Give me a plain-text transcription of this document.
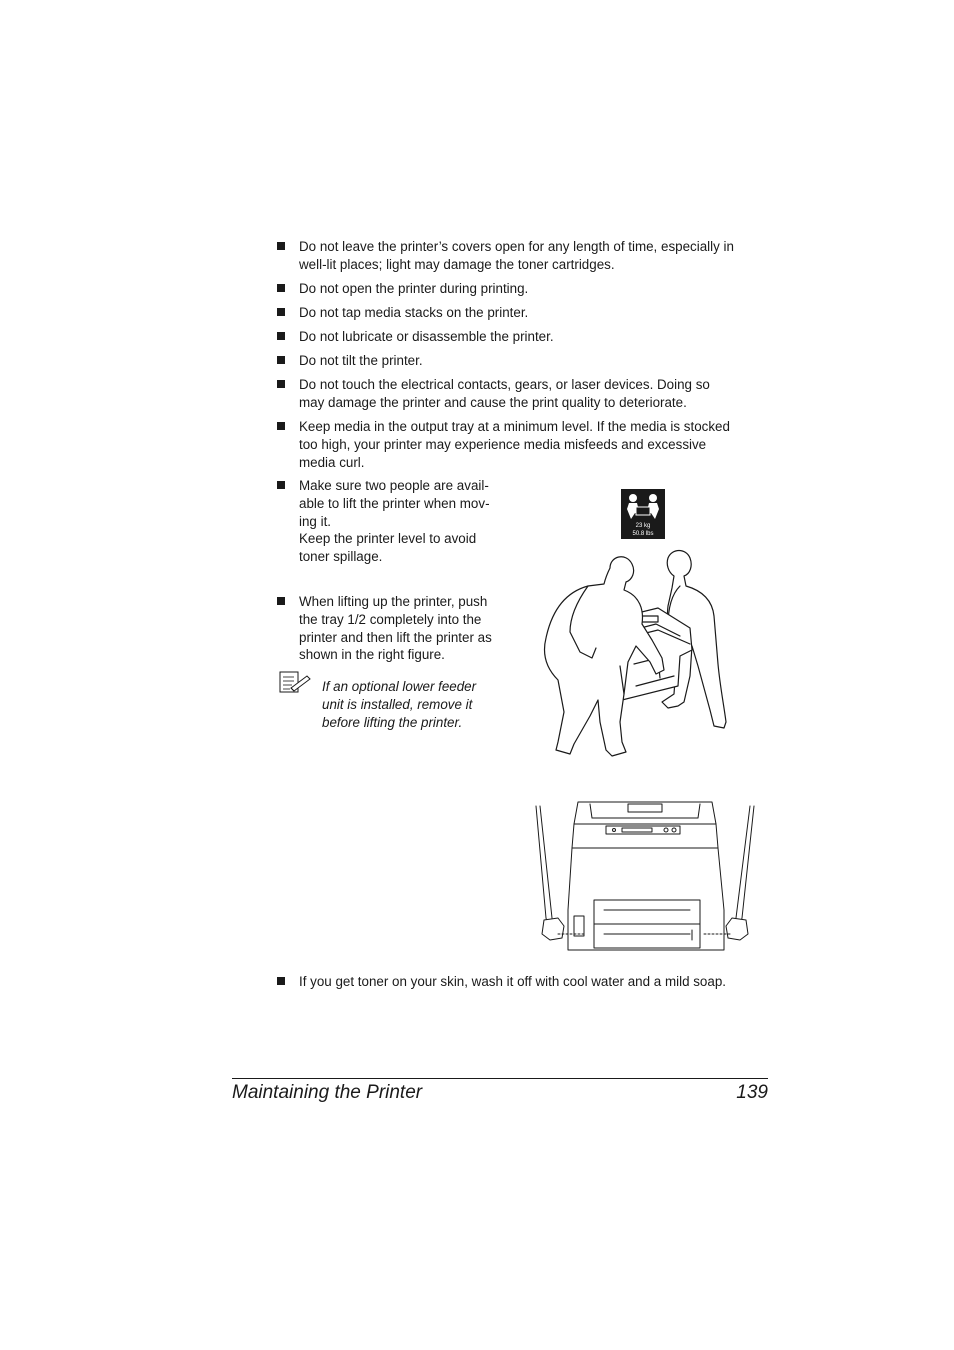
Do not leave the printer’s covers open for any length of time, especially in
well-lit places; light may damage the toner cartridges.
Do not open the printer during printing.
Do not tap media stacks on the printer.
Do not lubricate or disassemble the printer.
Do not tilt the printer.
Do not touch the electrical contacts, gears, or laser devices. Doing so
may damage the printer and cause the print quality to deteriorate.
Keep media in the output tray at a minimum level. If the media is stocked
too high, your printer may experience media misfeeds and excessive
media curl.
Make sure two people are avail-
able to lift the printer when mov-
ing it.
Keep the printer level to avoid
toner spillage.
When lifting up the printer, push
the tray 1/2 completely into the
printer and then lift the printer as
shown in the right figure.
If an optional lower feeder
unit is installed, remove it
before lifting the printer.
23 kg
50.8 lbs
If you get toner on your skin, wash it off with cool water and a mild soap.
Maintaining the Printer	139
